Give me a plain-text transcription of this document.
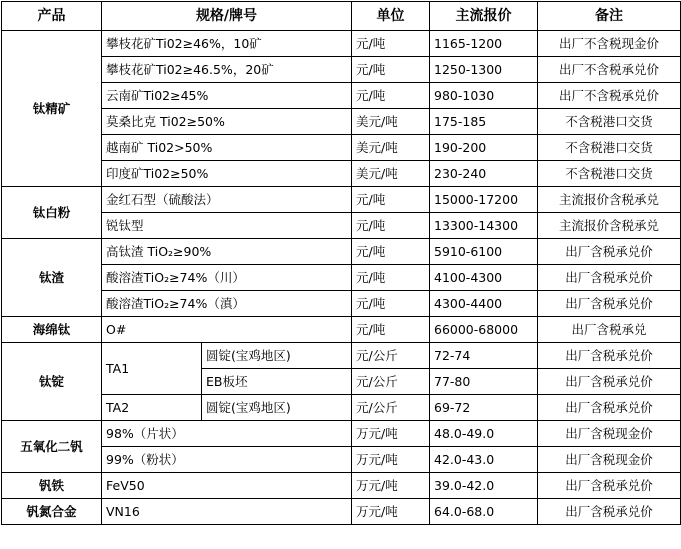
产品	规格/牌号		单位	主流报价	备注
钛精矿	攀枝花矿Ti02≥46%，10矿		元/吨	1165-1200	出厂不含税现金价
	攀枝花矿Ti02≥46.5%，20矿		元/吨	1250-1300	出厂不含税承兑价
	云南矿Ti02≥45%		元/吨	980-1030	出厂不含税承兑价
	莫桑比克 Ti02≥50%		美元/吨	175-185	不含税港口交货
	越南矿 Ti02>50%		美元/吨	190-200	不含税港口交货
	印度矿Ti02≥50%		美元/吨	230-240	不含税港口交货
钛白粉	金红石型（硫酸法）		元/吨	15000-17200	主流报价含税承兑
	锐钛型		元/吨	13300-14300	主流报价含税承兑
钛渣	高钛渣 TiO₂≥90%		元/吨	5910-6100	出厂含税承兑价
	酸溶渣TiO₂≥74%（川）		元/吨	4100-4300	出厂含税承兑价
	酸溶渣TiO₂≥74%（滇）		元/吨	4300-4400	出厂含税承兑价
海绵钛	O#		元/吨	66000-68000	出厂含税承兑
钛锭	TA1	圆锭(宝鸡地区)	元/公斤	72-74	出厂含税承兑价
		EB板坯	元/公斤	77-80	出厂含税承兑价
	TA2	圆锭(宝鸡地区)	元/公斤	69-72	出厂含税承兑价
五氧化二钒	98%（片状）		万元/吨	48.0-49.0	出厂含税现金价
	99%（粉状）		万元/吨	42.0-43.0	出厂含税现金价
钒铁	FeV50		万元/吨	39.0-42.0	出厂含税承兑价
钒氮合金	VN16		万元/吨	64.0-68.0	出厂含税承兑价
